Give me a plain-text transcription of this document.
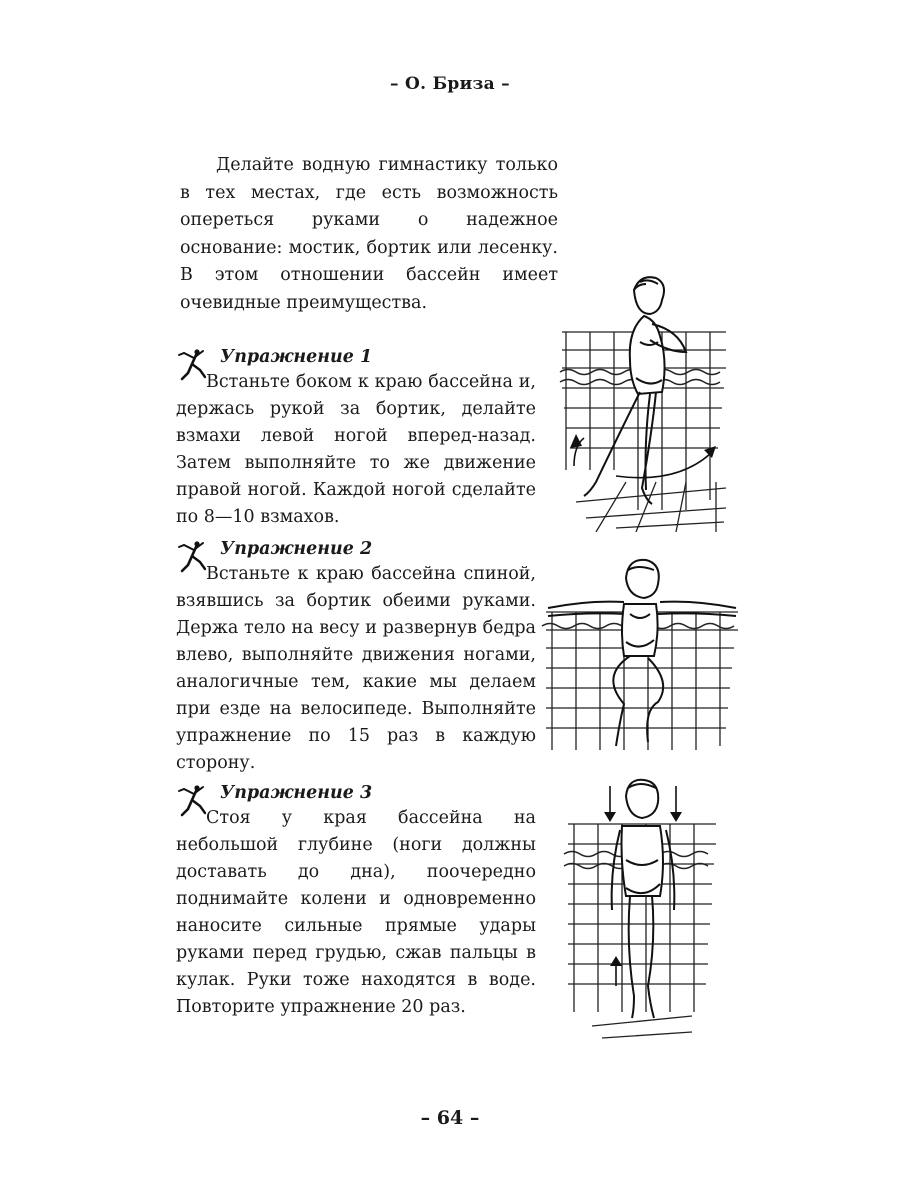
– О. Бриза –

Делайте водную гимнастику только в тех местах, где есть возможность опереться руками о надежное основание: мостик, бортик или лесенку. В этом отношении бассейн имеет очевидные преимущества.

Упражнение 1

Встаньте боком к краю бассейна и, держась рукой за бортик, делайте взмахи левой ногой вперед-назад. Затем выполняйте то же движение правой ногой. Каждой ногой сделайте по 8—10 взмахов.

Упражнение 2

Встаньте к краю бассейна спиной, взявшись за бортик обеими руками. Держа тело на весу и развернув бедра влево, выполняйте движения ногами, аналогичные тем, какие мы делаем при езде на велосипеде. Выполняйте упражнение по 15 раз в каждую сторону.

Упражнение 3

Стоя у края бассейна на небольшой глубине (ноги должны доставать до дна), поочередно поднимайте колени и одновременно наносите сильные прямые удары руками перед грудью, сжав пальцы в кулак. Руки тоже находятся в воде. Повторите упражнение 20 раз.

– 64 –
